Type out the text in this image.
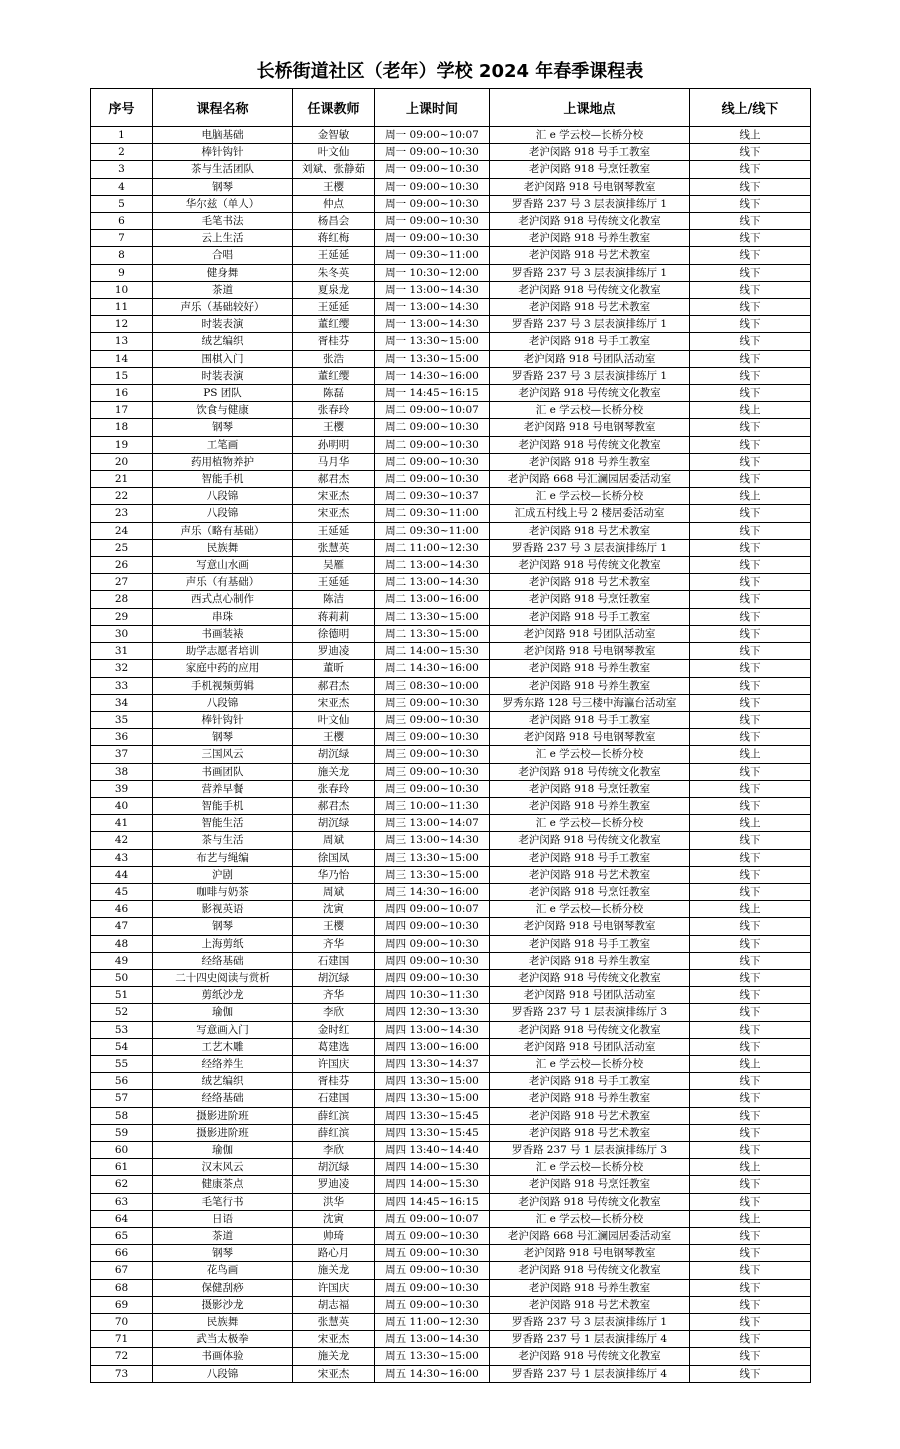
长桥街道社区（老年）学校 2024 年春季课程表
序号	课程名称	任课教师	上课时间	上课地点	线上/线下
1	电脑基础	金智敏	周一 09:00~10:07	汇 e 学云校—长桥分校	线上
2	棒针钩针	叶文仙	周一 09:00~10:30	老沪闵路 918 号手工教室	线下
3	茶与生活团队	刘斌、张静茹	周一 09:00~10:30	老沪闵路 918 号烹饪教室	线下
4	钢琴	王樱	周一 09:00~10:30	老沪闵路 918 号电钢琴教室	线下
5	华尔兹（单人）	仲点	周一 09:00~10:30	罗香路 237 号 3 层表演排练厅 1	线下
6	毛笔书法	杨昌会	周一 09:00~10:30	老沪闵路 918 号传统文化教室	线下
7	云上生活	蒋红梅	周一 09:00~10:30	老沪闵路 918 号养生教室	线下
8	合唱	王延延	周一 09:30~11:00	老沪闵路 918 号艺术教室	线下
9	健身舞	朱冬英	周一 10:30~12:00	罗香路 237 号 3 层表演排练厅 1	线下
10	茶道	夏泉龙	周一 13:00~14:30	老沪闵路 918 号传统文化教室	线下
11	声乐（基础较好）	王延延	周一 13:00~14:30	老沪闵路 918 号艺术教室	线下
12	时装表演	董红缨	周一 13:00~14:30	罗香路 237 号 3 层表演排练厅 1	线下
13	绒艺编织	胥桂芬	周一 13:30~15:00	老沪闵路 918 号手工教室	线下
14	围棋入门	张浩	周一 13:30~15:00	老沪闵路 918 号团队活动室	线下
15	时装表演	董红缨	周一 14:30~16:00	罗香路 237 号 3 层表演排练厅 1	线下
16	PS 团队	陈磊	周一 14:45~16:15	老沪闵路 918 号传统文化教室	线下
17	饮食与健康	张春玲	周二 09:00~10:07	汇 e 学云校—长桥分校	线上
18	钢琴	王樱	周二 09:00~10:30	老沪闵路 918 号电钢琴教室	线下
19	工笔画	孙明明	周二 09:00~10:30	老沪闵路 918 号传统文化教室	线下
20	药用植物养护	马月华	周二 09:00~10:30	老沪闵路 918 号养生教室	线下
21	智能手机	郝君杰	周二 09:00~10:30	老沪闵路 668 号汇澜园居委活动室	线下
22	八段锦	宋亚杰	周二 09:30~10:37	汇 e 学云校—长桥分校	线上
23	八段锦	宋亚杰	周二 09:30~11:00	汇成五村线上号 2 楼居委活动室	线下
24	声乐（略有基础）	王延延	周二 09:30~11:00	老沪闵路 918 号艺术教室	线下
25	民族舞	张慧英	周二 11:00~12:30	罗香路 237 号 3 层表演排练厅 1	线下
26	写意山水画	吴雁	周二 13:00~14:30	老沪闵路 918 号传统文化教室	线下
27	声乐（有基础）	王延延	周二 13:00~14:30	老沪闵路 918 号艺术教室	线下
28	西式点心制作	陈洁	周二 13:00~16:00	老沪闵路 918 号烹饪教室	线下
29	串珠	蒋莉莉	周二 13:30~15:00	老沪闵路 918 号手工教室	线下
30	书画装裱	徐德明	周二 13:30~15:00	老沪闵路 918 号团队活动室	线下
31	助学志愿者培训	罗迪凌	周二 14:00~15:30	老沪闵路 918 号电钢琴教室	线下
32	家庭中药的应用	董昕	周二 14:30~16:00	老沪闵路 918 号养生教室	线下
33	手机视频剪辑	郝君杰	周三 08:30~10:00	老沪闵路 918 号养生教室	线下
34	八段锦	宋亚杰	周三 09:00~10:30	罗秀东路 128 号三楼中海瀛台活动室	线下
35	棒针钩针	叶文仙	周三 09:00~10:30	老沪闵路 918 号手工教室	线下
36	钢琴	王樱	周三 09:00~10:30	老沪闵路 918 号电钢琴教室	线下
37	三国风云	胡沉绿	周三 09:00~10:30	汇 e 学云校—长桥分校	线上
38	书画团队	施关龙	周三 09:00~10:30	老沪闵路 918 号传统文化教室	线下
39	营养早餐	张春玲	周三 09:00~10:30	老沪闵路 918 号烹饪教室	线下
40	智能手机	郝君杰	周三 10:00~11:30	老沪闵路 918 号养生教室	线下
41	智能生活	胡沉绿	周三 13:00~14:07	汇 e 学云校—长桥分校	线上
42	茶与生活	周斌	周三 13:00~14:30	老沪闵路 918 号传统文化教室	线下
43	布艺与绳编	徐国凤	周三 13:30~15:00	老沪闵路 918 号手工教室	线下
44	沪剧	华乃怡	周三 13:30~15:00	老沪闵路 918 号艺术教室	线下
45	咖啡与奶茶	周斌	周三 14:30~16:00	老沪闵路 918 号烹饪教室	线下
46	影视英语	沈寅	周四 09:00~10:07	汇 e 学云校—长桥分校	线上
47	钢琴	王樱	周四 09:00~10:30	老沪闵路 918 号电钢琴教室	线下
48	上海剪纸	齐华	周四 09:00~10:30	老沪闵路 918 号手工教室	线下
49	经络基础	石建国	周四 09:00~10:30	老沪闵路 918 号养生教室	线下
50	二十四史阅读与赏析	胡沉绿	周四 09:00~10:30	老沪闵路 918 号传统文化教室	线下
51	剪纸沙龙	齐华	周四 10:30~11:30	老沪闵路 918 号团队活动室	线下
52	瑜伽	李欣	周四 12:30~13:30	罗香路 237 号 1 层表演排练厅 3	线下
53	写意画入门	金时红	周四 13:00~14:30	老沪闵路 918 号传统文化教室	线下
54	工艺木雕	葛建选	周四 13:00~16:00	老沪闵路 918 号团队活动室	线下
55	经络养生	许国庆	周四 13:30~14:37	汇 e 学云校—长桥分校	线上
56	绒艺编织	胥桂芬	周四 13:30~15:00	老沪闵路 918 号手工教室	线下
57	经络基础	石建国	周四 13:30~15:00	老沪闵路 918 号养生教室	线下
58	摄影进阶班	薛红滨	周四 13:30~15:45	老沪闵路 918 号艺术教室	线下
59	摄影进阶班	薛红滨	周四 13:30~15:45	老沪闵路 918 号艺术教室	线下
60	瑜伽	李欣	周四 13:40~14:40	罗香路 237 号 1 层表演排练厅 3	线下
61	汉末风云	胡沉绿	周四 14:00~15:30	汇 e 学云校—长桥分校	线上
62	健康茶点	罗迪凌	周四 14:00~15:30	老沪闵路 918 号烹饪教室	线下
63	毛笔行书	洪华	周四 14:45~16:15	老沪闵路 918 号传统文化教室	线下
64	日语	沈寅	周五 09:00~10:07	汇 e 学云校—长桥分校	线上
65	茶道	帅琦	周五 09:00~10:30	老沪闵路 668 号汇澜园居委活动室	线下
66	钢琴	路心月	周五 09:00~10:30	老沪闵路 918 号电钢琴教室	线下
67	花鸟画	施关龙	周五 09:00~10:30	老沪闵路 918 号传统文化教室	线下
68	保健刮痧	许国庆	周五 09:00~10:30	老沪闵路 918 号养生教室	线下
69	摄影沙龙	胡志福	周五 09:00~10:30	老沪闵路 918 号艺术教室	线下
70	民族舞	张慧英	周五 11:00~12:30	罗香路 237 号 3 层表演排练厅 1	线下
71	武当太极拳	宋亚杰	周五 13:00~14:30	罗香路 237 号 1 层表演排练厅 4	线下
72	书画体验	施关龙	周五 13:30~15:00	老沪闵路 918 号传统文化教室	线下
73	八段锦	宋亚杰	周五 14:30~16:00	罗香路 237 号 1 层表演排练厅 4	线下
